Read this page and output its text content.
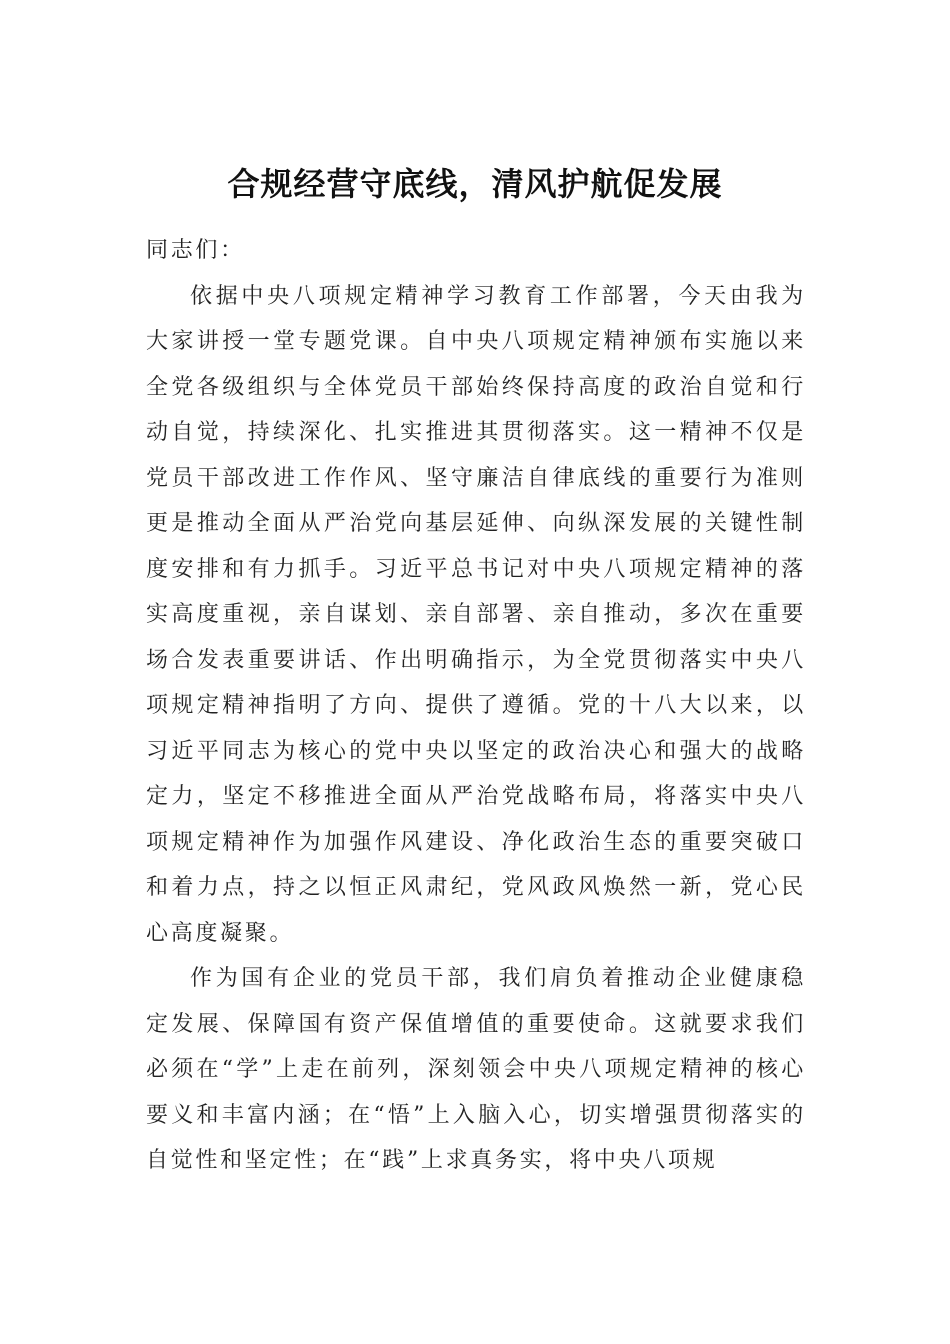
合规经营守底线，清风护航促发展

同志们：

依据中央八项规定精神学习教育工作部署，今天由我为大家讲授一堂专题党课。自中央八项规定精神颁布实施以来全党各级组织与全体党员干部始终保持高度的政治自觉和行动自觉，持续深化、扎实推进其贯彻落实。这一精神不仅是党员干部改进工作作风、坚守廉洁自律底线的重要行为准则更是推动全面从严治党向基层延伸、向纵深发展的关键性制度安排和有力抓手。习近平总书记对中央八项规定精神的落实高度重视，亲自谋划、亲自部署、亲自推动，多次在重要场合发表重要讲话、作出明确指示，为全党贯彻落实中央八项规定精神指明了方向、提供了遵循。党的十八大以来，以习近平同志为核心的党中央以坚定的政治决心和强大的战略定力，坚定不移推进全面从严治党战略布局，将落实中央八项规定精神作为加强作风建设、净化政治生态的重要突破口和着力点，持之以恒正风肃纪，党风政风焕然一新，党心民心高度凝聚。

作为国有企业的党员干部，我们肩负着推动企业健康稳定发展、保障国有资产保值增值的重要使命。这就要求我们必须在“学”上走在前列，深刻领会中央八项规定精神的核心要义和丰富内涵；在“悟”上入脑入心，切实增强贯彻落实的自觉性和坚定性；在“践”上求真务实，将中央八项规
